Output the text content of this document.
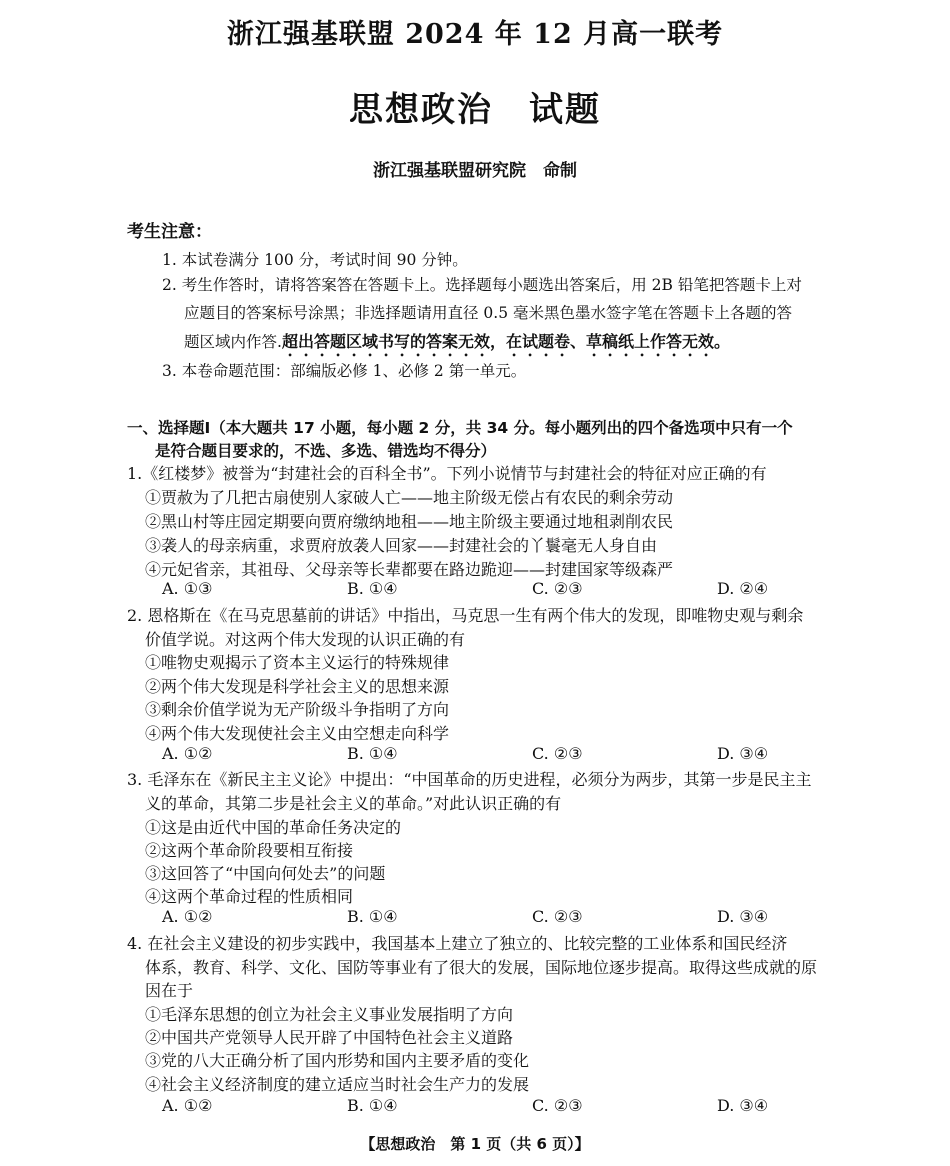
浙江强基联盟 2024 年 12 月高一联考
思想政治　试题
浙江强基联盟研究院　命制
考生注意：
1. 本试卷满分 100 分，考试时间 90 分钟。
2. 考生作答时，请将答案答在答题卡上。选择题每小题选出答案后，用 2B 铅笔把答题卡上对
应题目的答案标号涂黑；非选择题请用直径 0.5 毫米黑色墨水签字笔在答题卡上各题的答
题区域内作答.超出答题区域书写的答案无效，在试题卷、草稿纸上作答无效。
3. 本卷命题范围：部编版必修 1、必修 2 第一单元。
一、选择题Ⅰ（本大题共 17 小题，每小题 2 分，共 34 分。每小题列出的四个备选项中只有一个
是符合题目要求的，不选、多选、错选均不得分）
1.《红楼梦》被誉为“封建社会的百科全书”。下列小说情节与封建社会的特征对应正确的有
①贾赦为了几把古扇使别人家破人亡——地主阶级无偿占有农民的剩余劳动
②黑山村等庄园定期要向贾府缴纳地租——地主阶级主要通过地租剥削农民
③袭人的母亲病重，求贾府放袭人回家——封建社会的丫鬟毫无人身自由
④元妃省亲，其祖母、父母亲等长辈都要在路边跪迎——封建国家等级森严
A. ①③	B. ①④	C. ②③	D. ②④
2. 恩格斯在《在马克思墓前的讲话》中指出，马克思一生有两个伟大的发现，即唯物史观与剩余
价值学说。对这两个伟大发现的认识正确的有
①唯物史观揭示了资本主义运行的特殊规律
②两个伟大发现是科学社会主义的思想来源
③剩余价值学说为无产阶级斗争指明了方向
④两个伟大发现使社会主义由空想走向科学
A. ①②	B. ①④	C. ②③	D. ③④
3. 毛泽东在《新民主主义论》中提出：“中国革命的历史进程，必须分为两步，其第一步是民主主
义的革命，其第二步是社会主义的革命。”对此认识正确的有
①这是由近代中国的革命任务决定的
②这两个革命阶段要相互衔接
③这回答了“中国向何处去”的问题
④这两个革命过程的性质相同
A. ①②	B. ①④	C. ②③	D. ③④
4. 在社会主义建设的初步实践中，我国基本上建立了独立的、比较完整的工业体系和国民经济
体系，教育、科学、文化、国防等事业有了很大的发展，国际地位逐步提高。取得这些成就的原
因在于
①毛泽东思想的创立为社会主义事业发展指明了方向
②中国共产党领导人民开辟了中国特色社会主义道路
③党的八大正确分析了国内形势和国内主要矛盾的变化
④社会主义经济制度的建立适应当时社会生产力的发展
A. ①②	B. ①④	C. ②③	D. ③④
【思想政治　第 1 页（共 6 页）】
